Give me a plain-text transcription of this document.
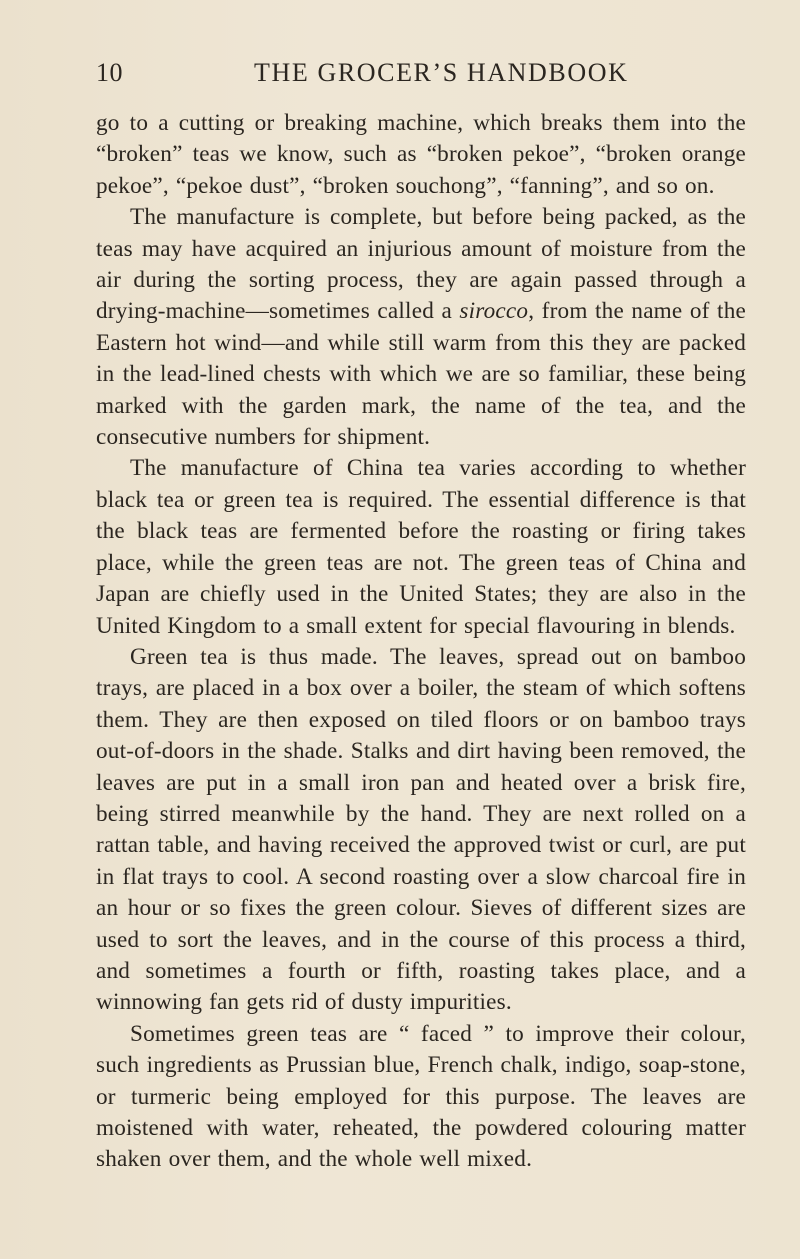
10	THE GROCER’S HANDBOOK

go to a cutting or breaking machine, which breaks them into the “broken” teas we know, such as “broken pekoe”, “broken orange pekoe”, “pekoe dust”, “broken souchong”, “fanning”, and so on.

The manufacture is complete, but before being packed, as the teas may have acquired an injurious amount of moisture from the air during the sorting process, they are again passed through a drying-machine—sometimes called a sirocco, from the name of the Eastern hot wind—and while still warm from this they are packed in the lead-lined chests with which we are so familiar, these being marked with the garden mark, the name of the tea, and the consecutive numbers for shipment.

The manufacture of China tea varies according to whether black tea or green tea is required. The essential difference is that the black teas are fermented before the roasting or firing takes place, while the green teas are not. The green teas of China and Japan are chiefly used in the United States; they are also in the United Kingdom to a small extent for special flavouring in blends.

Green tea is thus made. The leaves, spread out on bamboo trays, are placed in a box over a boiler, the steam of which softens them. They are then exposed on tiled floors or on bamboo trays out-of-doors in the shade. Stalks and dirt having been removed, the leaves are put in a small iron pan and heated over a brisk fire, being stirred meanwhile by the hand. They are next rolled on a rattan table, and having received the approved twist or curl, are put in flat trays to cool. A second roasting over a slow charcoal fire in an hour or so fixes the green colour. Sieves of different sizes are used to sort the leaves, and in the course of this process a third, and sometimes a fourth or fifth, roasting takes place, and a winnowing fan gets rid of dusty impurities.

Sometimes green teas are “ faced ” to improve their colour, such ingredients as Prussian blue, French chalk, indigo, soap-stone, or turmeric being employed for this purpose. The leaves are moistened with water, reheated, the powdered colouring matter shaken over them, and the whole well mixed.
